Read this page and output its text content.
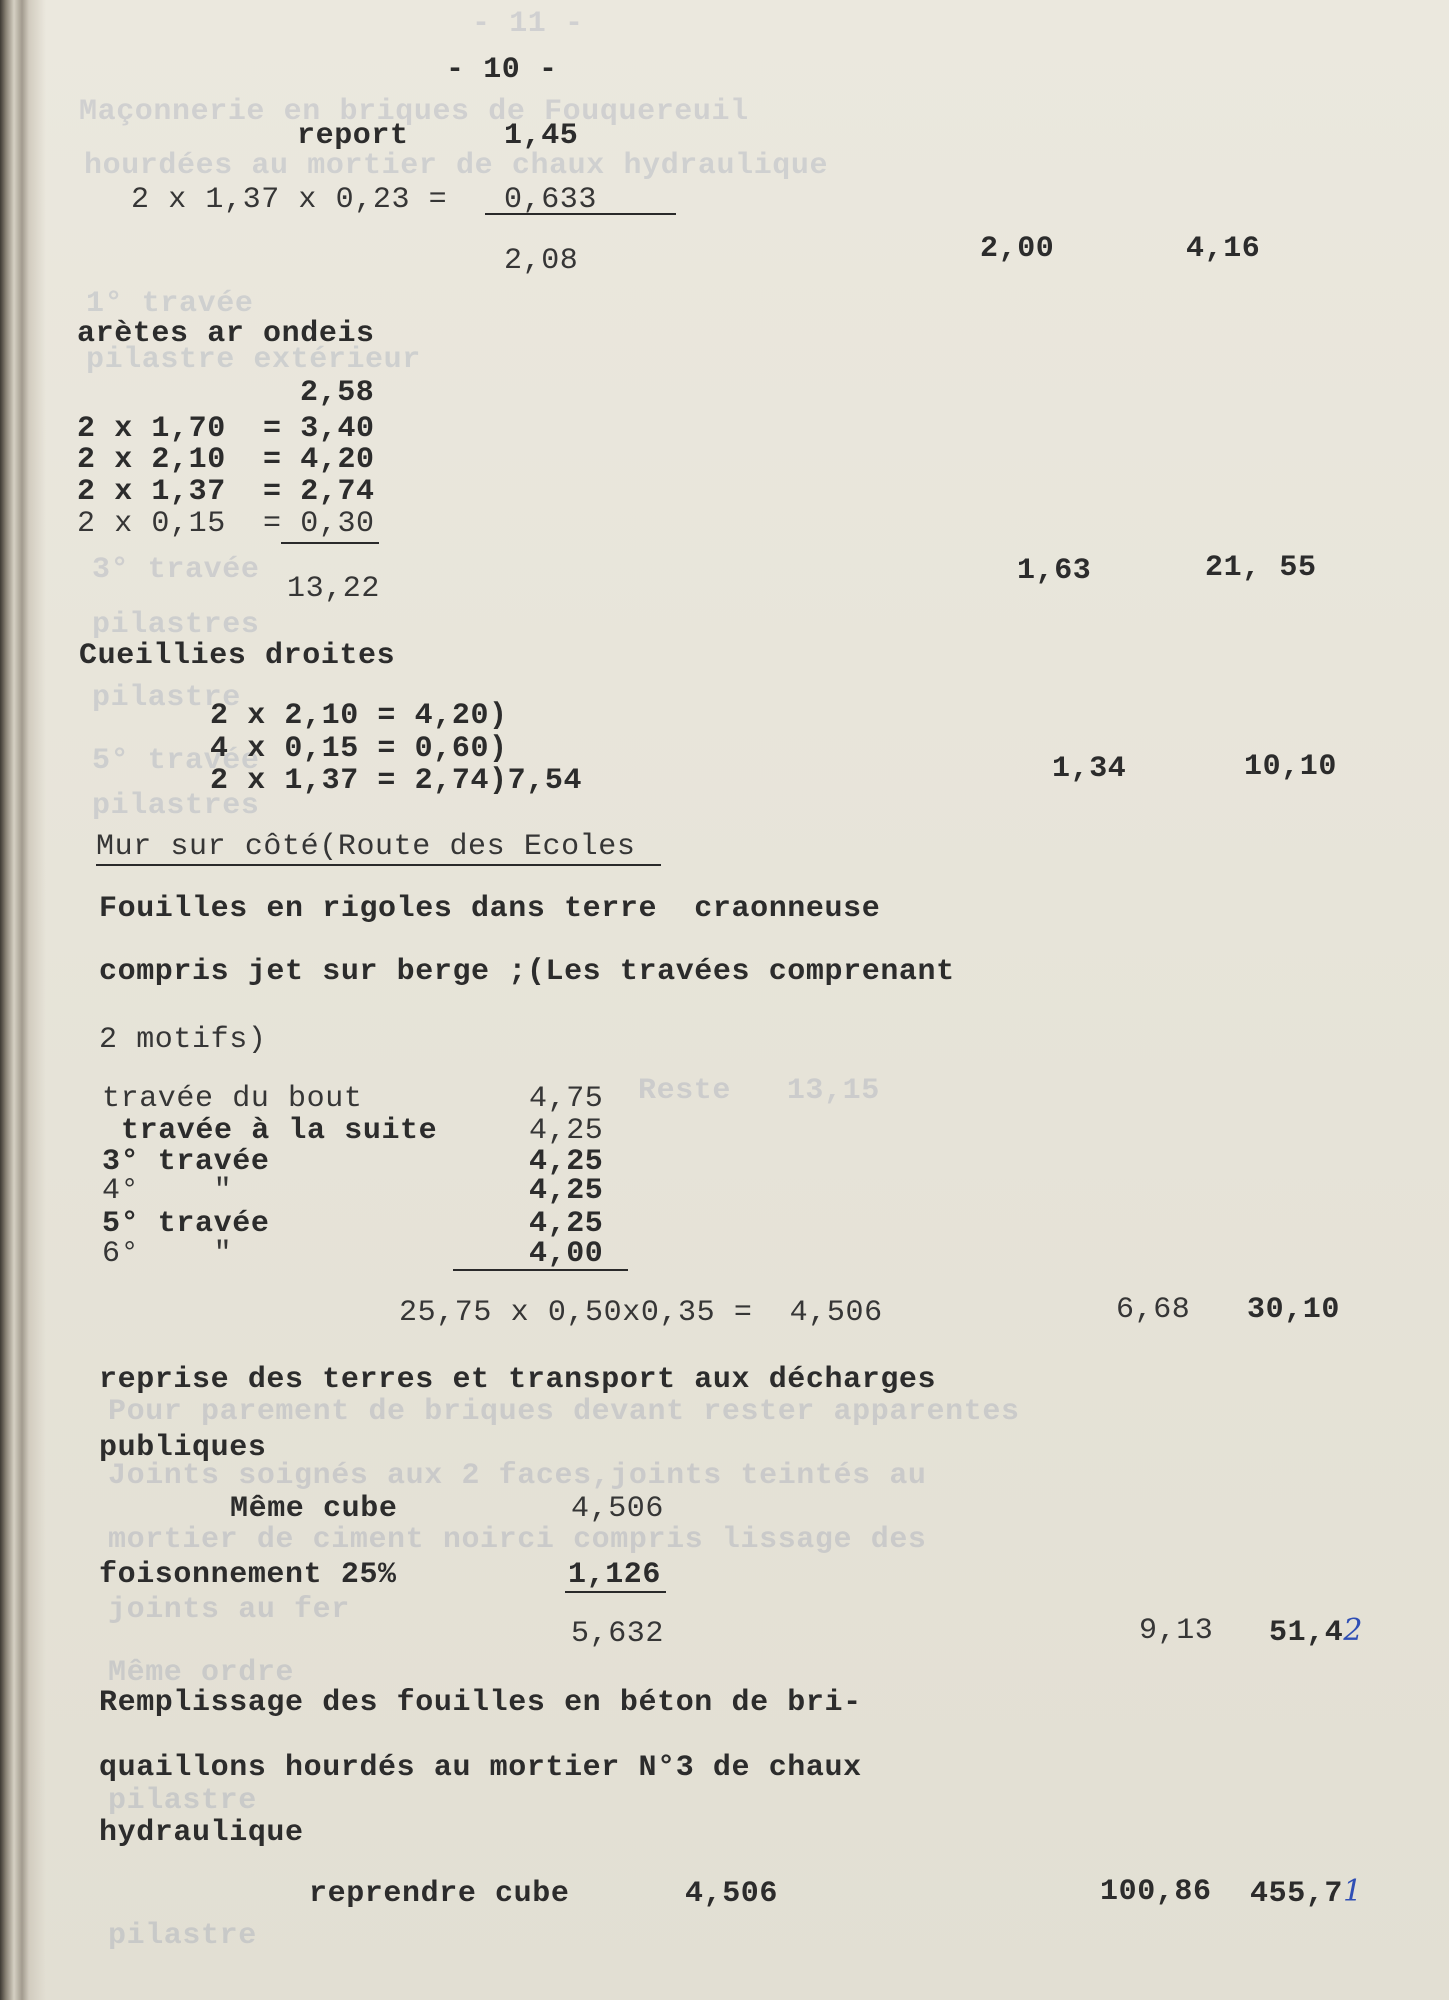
- 11 -
Maçonnerie en briques de Fouquereuil
hourdées au mortier de chaux hydraulique
1° travée
pilastre extérieur
3° travée
pilastres
pilastre
5° travée
pilastres
Reste   13,15
Pour parement de briques devant rester apparentes
Joints soignés aux 2 faces,joints teintés au
mortier de ciment noirci compris lissage des
joints au fer
Même ordre
pilastre
pilastre
- 10 -
report	1,45
2 x 1,37 x 0,23 = 0,633
2,08	2,00	4,16
arètes ar ondeis
2,58
2 x 1,70  = 3,40
2 x 2,10  = 4,20
2 x 1,37  = 2,74
2 x 0,15  = 0,30
13,22
1,63	21, 55
Cueillies droites
2 x 2,10 = 4,20)
4 x 0,15 = 0,60)
2 x 1,37 = 2,74)7,54	1,34	10,10
Mur sur côté(Route des Ecoles
Fouilles en rigoles dans terre  craonneuse
compris jet sur berge ;(Les travées comprenant
2 motifs)
travée du bout	4,75
travée à la suite	4,25
3° travée	4,25
4°    "	4,25
5° travée	4,25
6°    "	4,00
25,75 x 0,50x0,35 =  4,506	6,68 30,10
reprise des terres et transport aux décharges
publiques
Même cube	4,506
foisonnement 25%	1,126
5,632	9,13 51,42
Remplissage des fouilles en béton de bri-
quaillons hourdés au mortier N°3 de chaux
hydraulique
reprendre cube	4,506	100,86 455,71
